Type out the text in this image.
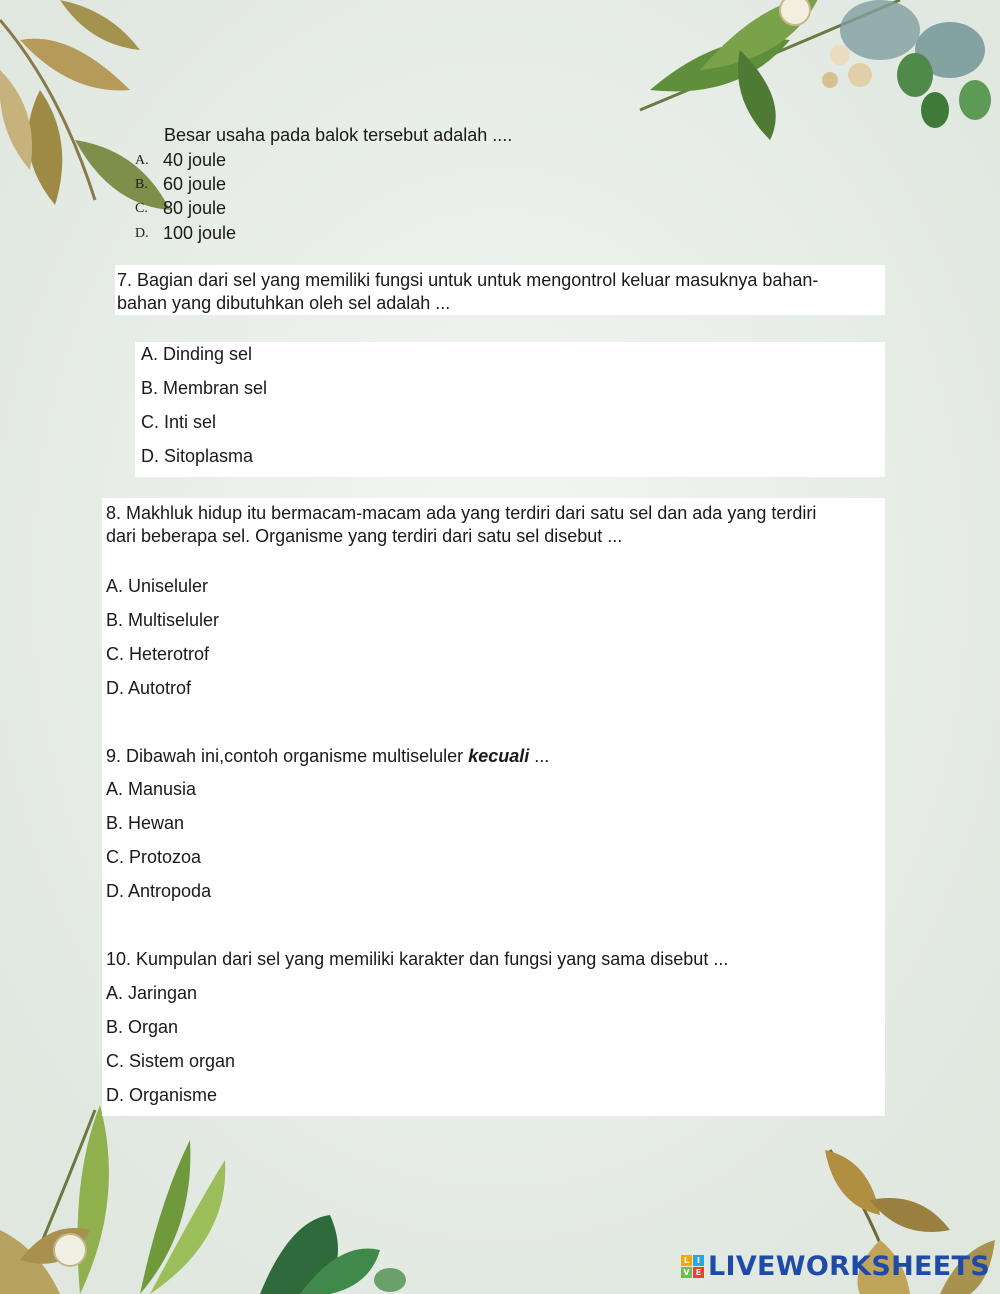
Besar usaha pada balok tersebut adalah ....
A. 40 joule
B. 60 joule
C. 80 joule
D. 100 joule
7. Bagian dari sel yang memiliki fungsi untuk untuk mengontrol keluar masuknya bahan-
bahan yang dibutuhkan oleh sel adalah ...
A. Dinding sel
B. Membran sel
C. Inti sel
D. Sitoplasma
8. Makhluk hidup itu bermacam-macam ada yang terdiri dari satu sel dan ada yang terdiri
dari beberapa sel. Organisme yang terdiri dari satu sel disebut ...
A. Uniseluler
B. Multiseluler
C. Heterotrof
D. Autotrof
9. Dibawah ini,contoh organisme multiseluler kecuali ...
A. Manusia
B. Hewan
C. Protozoa
D. Antropoda
10. Kumpulan dari sel yang memiliki karakter dan fungsi yang sama disebut ...
A. Jaringan
B. Organ
C. Sistem organ
D. Organisme
L I
V E LIVEWORKSHEETS
